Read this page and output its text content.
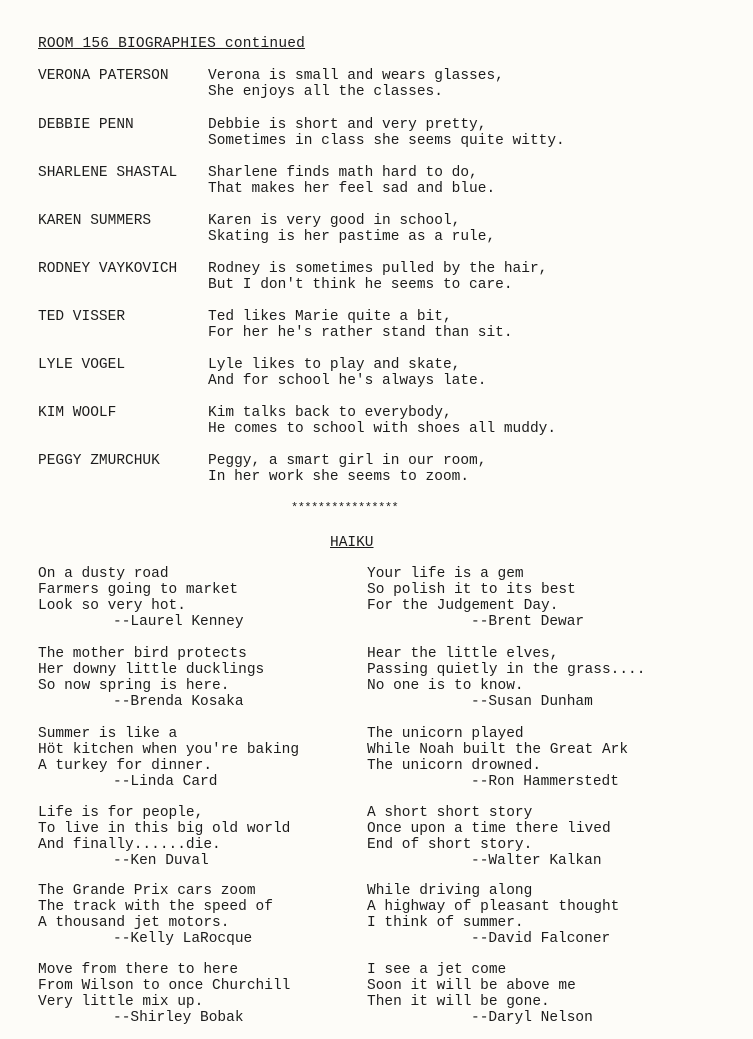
ROOM 156 BIOGRAPHIES continued
VERONA PATERSON	Verona is small and wears glasses,
She enjoys all the classes.
DEBBIE PENN	Debbie is short and very pretty,
Sometimes in class she seems quite witty.
SHARLENE SHASTAL Sharlene finds math hard to do,
That makes her feel sad and blue.
KAREN SUMMERS	Karen is very good in school,
Skating is her pastime as a rule,
RODNEY VAYKOVICH Rodney is sometimes pulled by the hair,
But I don't think he seems to care.
TED VISSER	Ted likes Marie quite a bit,
For her he's rather stand than sit.
LYLE VOGEL	Lyle likes to play and skate,
And for school he's always late.
KIM WOOLF	Kim talks back to everybody,
He comes to school with shoes all muddy.
PEGGY ZMURCHUK	Peggy, a smart girl in our room,
In her work she seems to zoom.
****************
HAIKU
On a dusty road
Farmers going to market
Look so very hot.
--Laurel Kenney
The mother bird protects
Her downy little ducklings
So now spring is here.
--Brenda Kosaka
Summer is like a
Höt kitchen when you're baking
A turkey for dinner.
--Linda Card
Life is for people,
To live in this big old world
And finally......die.
--Ken Duval
The Grande Prix cars zoom
The track with the speed of
A thousand jet motors.
--Kelly LaRocque
Move from there to here
From Wilson to once Churchill
Very little mix up.
--Shirley Bobak
Your life is a gem
So polish it to its best
For the Judgement Day.
--Brent Dewar
Hear the little elves,
Passing quietly in the grass....
No one is to know.
--Susan Dunham
The unicorn played
While Noah built the Great Ark
The unicorn drowned.
--Ron Hammerstedt
A short short story
Once upon a time there lived
End of short story.
--Walter Kalkan
While driving along
A highway of pleasant thought
I think of summer.
--David Falconer
I see a jet come
Soon it will be above me
Then it will be gone.
--Daryl Nelson
